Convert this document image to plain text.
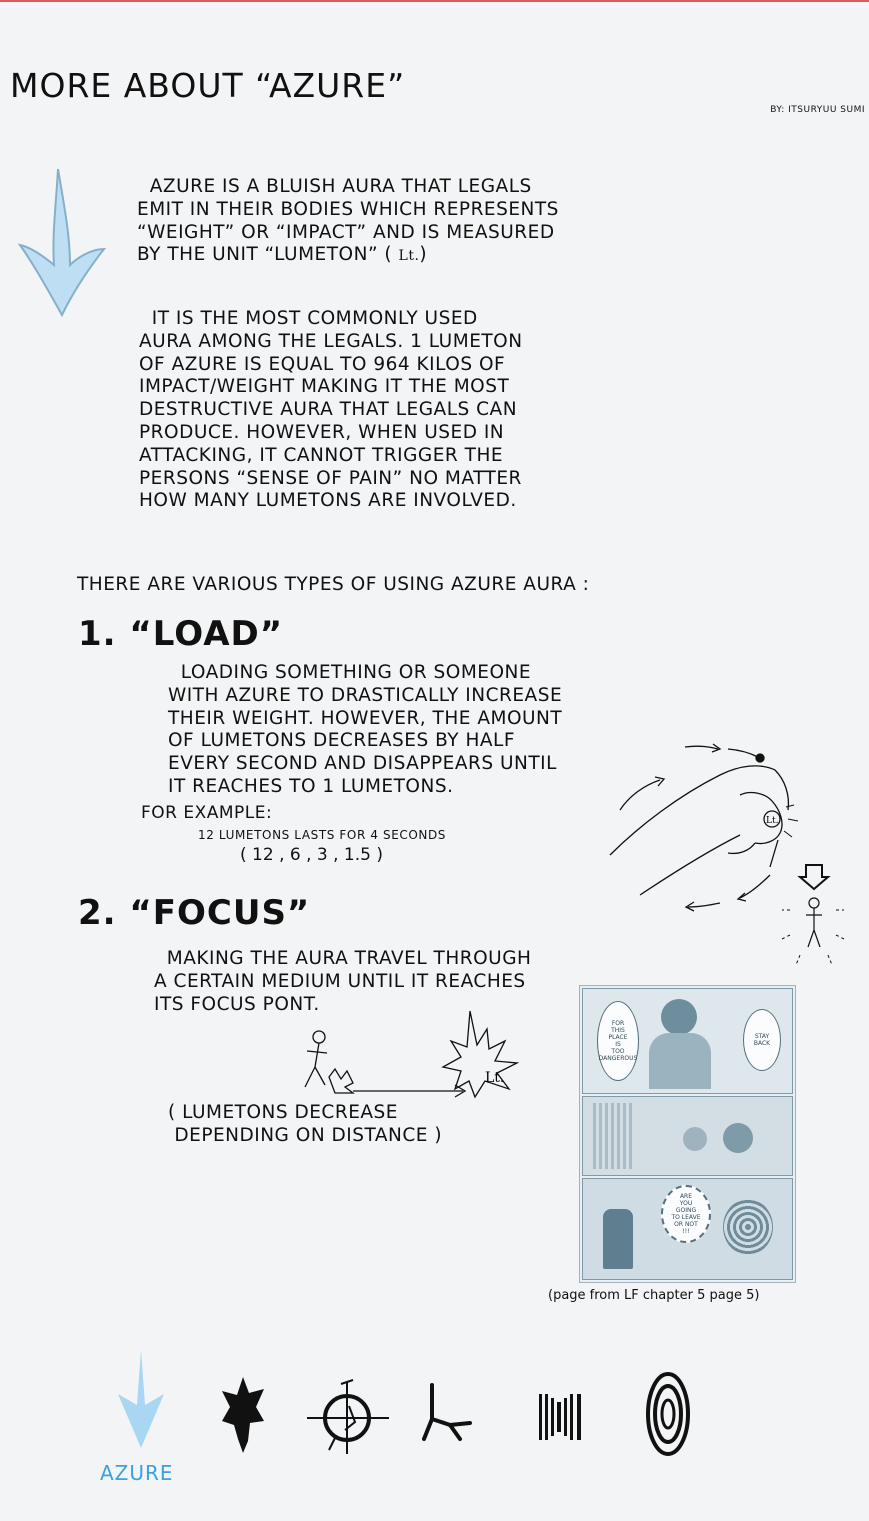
MORE ABOUT “AZURE”
BY: ITSURYUU SUMI
AZURE IS A BLUISH AURA THAT LEGALS
EMIT IN THEIR BODIES WHICH REPRESENTS
“WEIGHT” OR “IMPACT” AND IS MEASURED
BY THE UNIT “LUMETON” ( Lt.)
IT IS THE MOST COMMONLY USED
AURA AMONG THE LEGALS. 1 LUMETON
OF AZURE IS EQUAL TO 964 KILOS OF
IMPACT/WEIGHT MAKING IT THE MOST
DESTRUCTIVE AURA THAT LEGALS CAN
PRODUCE. HOWEVER, WHEN USED IN
ATTACKING, IT CANNOT TRIGGER THE
PERSONS “SENSE OF PAIN” NO MATTER
HOW MANY LUMETONS ARE INVOLVED.
THERE ARE VARIOUS TYPES OF USING AZURE AURA :
1. “LOAD”
LOADING SOMETHING OR SOMEONE
WITH AZURE TO DRASTICALLY INCREASE
THEIR WEIGHT. HOWEVER, THE AMOUNT
OF LUMETONS DECREASES BY HALF
EVERY SECOND AND DISAPPEARS UNTIL
IT REACHES TO 1 LUMETONS.
FOR EXAMPLE:
12 LUMETONS LASTS FOR 4 SECONDS
( 12 , 6 , 3 , 1.5 )
Lt.
2. “FOCUS”
MAKING THE AURA TRAVEL THROUGH
A CERTAIN MEDIUM UNTIL IT REACHES
ITS FOCUS PONT.
Lt.
( LUMETONS DECREASE
DEPENDING ON DISTANCE )
FOR
THIS
PLACE
IS
TOO
DANGEROUS
STAY
BACK
ARE
YOU
GOING
TO LEAVE
OR NOT
!!!
(page from LF chapter 5 page 5)
AZURE
